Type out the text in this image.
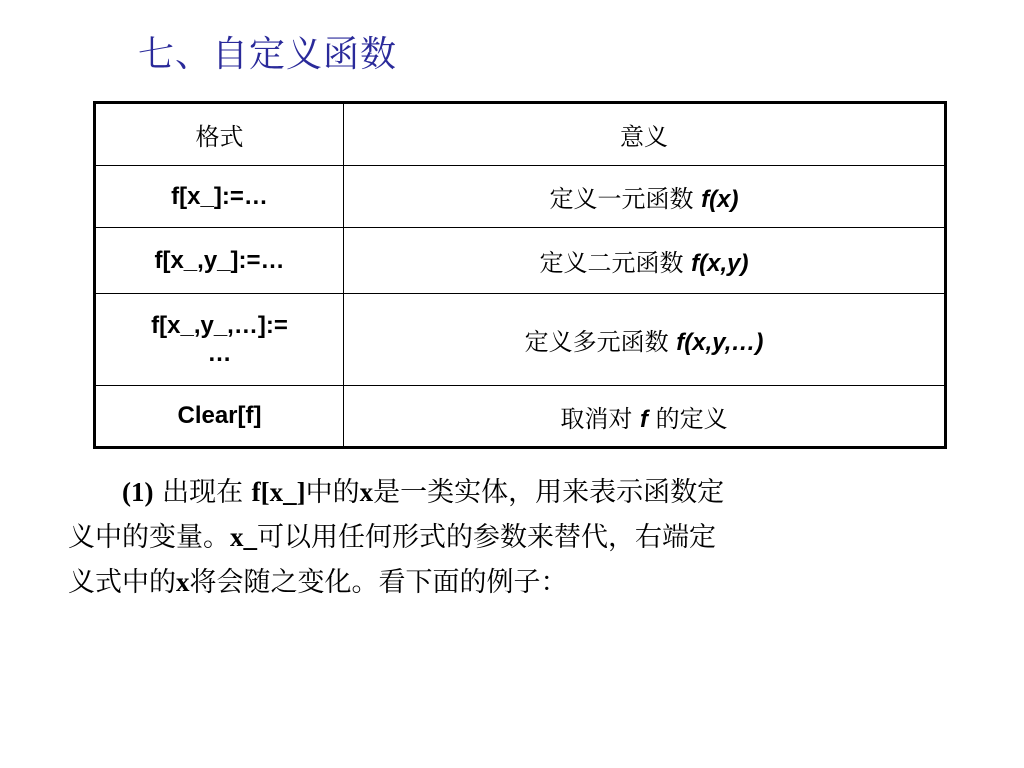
七、自定义函数
格式	意义
f[x_]:=…	定义一元函数 f(x)
f[x_,y_]:=…	定义二元函数 f(x,y)

f[x_,y_,…]:=
…	定义多元函数 f(x,y,…)
Clear[f]	取消对 f 的定义
(1) 出现在 f[x_]中的x是一类实体，用来表示函数定
义中的变量。x_可以用任何形式的参数来替代，右端定
义式中的x将会随之变化。看下面的例子：
